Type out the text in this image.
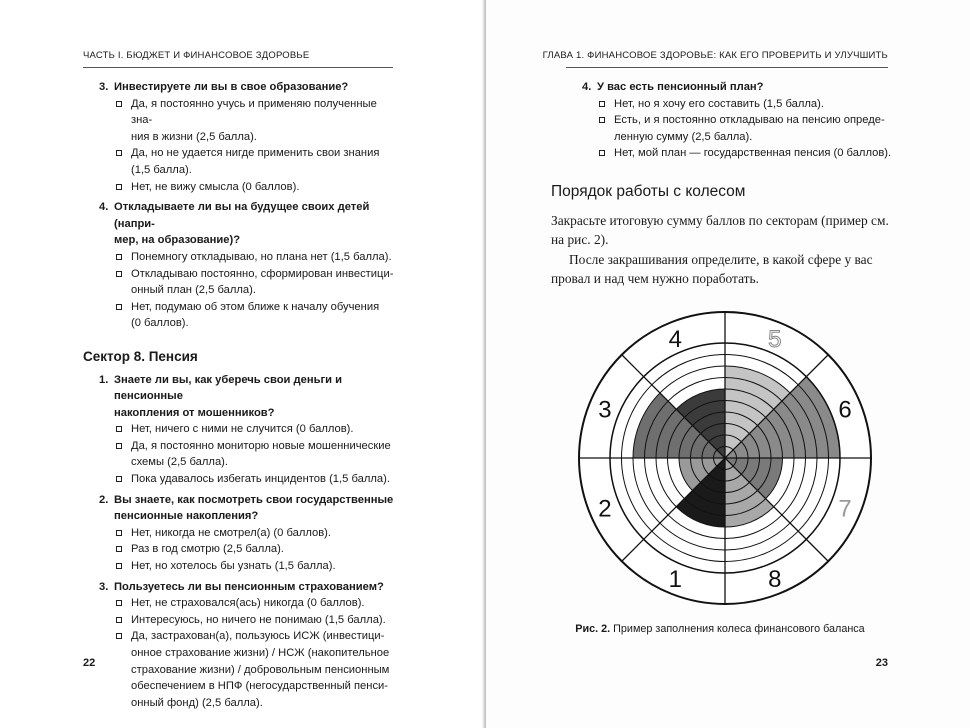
ЧАСТЬ I. БЮДЖЕТ И ФИНАНСОВОЕ ЗДОРОВЬЕ
3. Инвестируете ли вы в свое образование?
Да, я постоянно учусь и применяю полученные зна-
ния в жизни (2,5 балла).
Да, но не удается нигде применить свои знания
(1,5 балла).
Нет, не вижу смысла (0 баллов).
4. Откладываете ли вы на будущее своих детей (напри-
мер, на образование)?
Понемногу откладываю, но плана нет (1,5 балла).
Откладываю постоянно, сформирован инвестици-
онный план (2,5 балла).
Нет, подумаю об этом ближе к началу обучения
(0 баллов).
Сектор 8. Пенсия
1. Знаете ли вы, как уберечь свои деньги и пенсионные
накопления от мошенников?
Нет, ничего с ними не случится (0 баллов).
Да, я постоянно мониторю новые мошеннические
схемы (2,5 балла).
Пока удавалось избегать инцидентов (1,5 балла).
2. Вы знаете, как посмотреть свои государственные
пенсионные накопления?
Нет, никогда не смотрел(а) (0 баллов).
Раз в год смотрю (2,5 балла).
Нет, но хотелось бы узнать (1,5 балла).
3. Пользуетесь ли вы пенсионным страхованием?
Нет, не страховался(ась) никогда (0 баллов).
Интересуюсь, но ничего не понимаю (1,5 балла).
Да, застрахован(а), пользуюсь ИСЖ (инвестици-
онное страхование жизни) / НСЖ (накопительное
страхование жизни) / добровольным пенсионным
обеспечением в НПФ (негосударственный пенси-
онный фонд) (2,5 балла).
22
ГЛАВА 1. ФИНАНСОВОЕ ЗДОРОВЬЕ: КАК ЕГО ПРОВЕРИТЬ И УЛУЧШИТЬ
23
4. У вас есть пенсионный план?
Нет, но я хочу его составить (1,5 балла).
Есть, и я постоянно откладываю на пенсию опреде-
ленную сумму (2,5 балла).
Нет, мой план — государственная пенсия (0 баллов).
Порядок работы с колесом
Закрасьте итоговую сумму баллов по секторам (пример см.
на рис. 2).
После закрашивания определите, в какой сфере у вас
провал и над чем нужно поработать.
1
2
3
4	5
6
7
8
Рис. 2. Пример заполнения колеса финансового баланса
